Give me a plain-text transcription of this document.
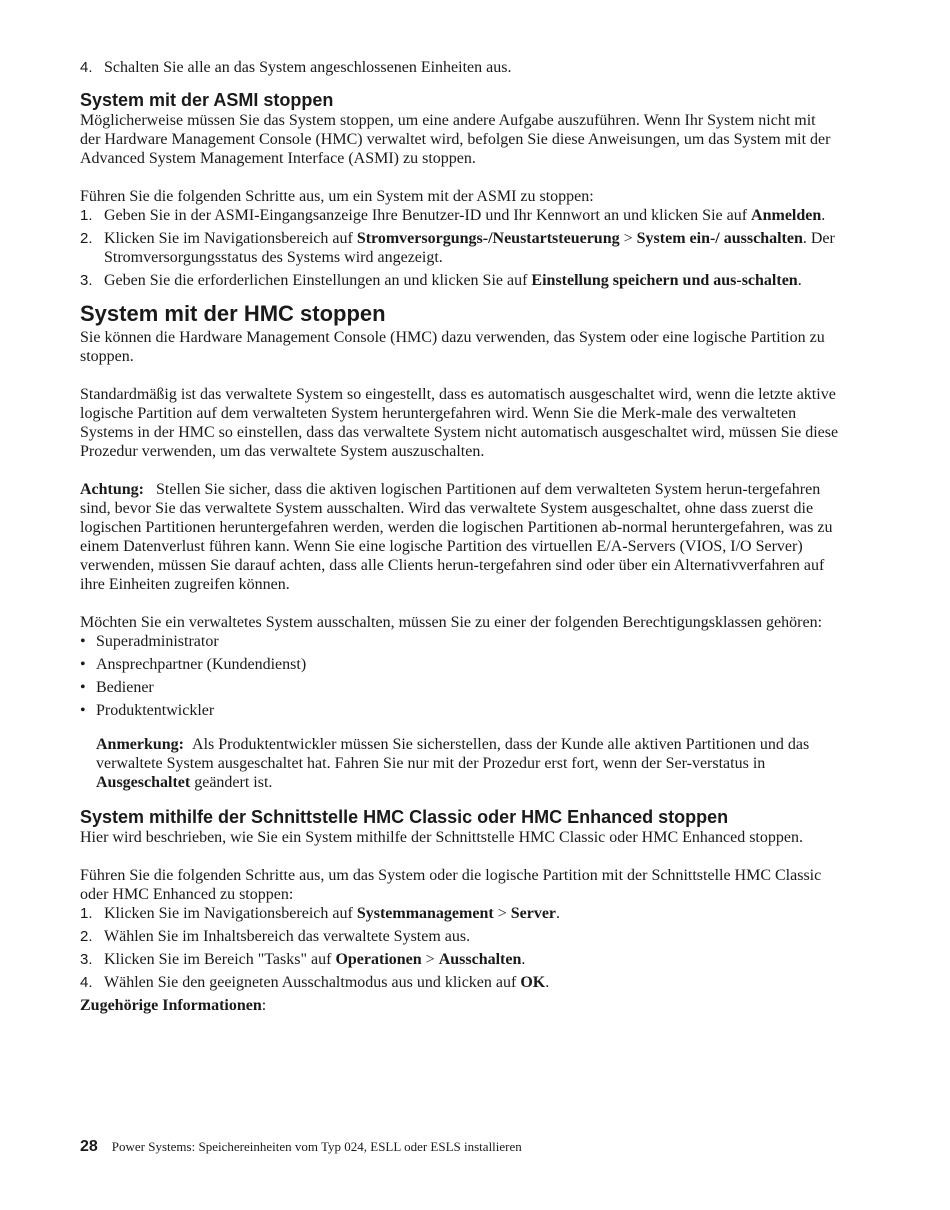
4. Schalten Sie alle an das System angeschlossenen Einheiten aus.
System mit der ASMI stoppen

Möglicherweise müssen Sie das System stoppen, um eine andere Aufgabe auszuführen. Wenn Ihr System nicht mit der Hardware Management Console (HMC) verwaltet wird, befolgen Sie diese Anweisungen, um das System mit der Advanced System Management Interface (ASMI) zu stoppen.

Führen Sie die folgenden Schritte aus, um ein System mit der ASMI zu stoppen:

1. Geben Sie in der ASMI-Eingangsanzeige Ihre Benutzer-ID und Ihr Kennwort an und klicken Sie auf Anmelden.
2. Klicken Sie im Navigationsbereich auf Stromversorgungs-/Neustartsteuerung > System ein-/ ausschalten. Der Stromversorgungsstatus des Systems wird angezeigt.
3. Geben Sie die erforderlichen Einstellungen an und klicken Sie auf Einstellung speichern und aus-schalten.
System mit der HMC stoppen

Sie können die Hardware Management Console (HMC) dazu verwenden, das System oder eine logische Partition zu stoppen.

Standardmäßig ist das verwaltete System so eingestellt, dass es automatisch ausgeschaltet wird, wenn die letzte aktive logische Partition auf dem verwalteten System heruntergefahren wird. Wenn Sie die Merk-male des verwalteten Systems in der HMC so einstellen, dass das verwaltete System nicht automatisch ausgeschaltet wird, müssen Sie diese Prozedur verwenden, um das verwaltete System auszuschalten.

Achtung: Stellen Sie sicher, dass die aktiven logischen Partitionen auf dem verwalteten System herun-tergefahren sind, bevor Sie das verwaltete System ausschalten. Wird das verwaltete System ausgeschaltet, ohne dass zuerst die logischen Partitionen heruntergefahren werden, werden die logischen Partitionen ab-normal heruntergefahren, was zu einem Datenverlust führen kann. Wenn Sie eine logische Partition des virtuellen E/A-Servers (VIOS, I/O Server) verwenden, müssen Sie darauf achten, dass alle Clients herun-tergefahren sind oder über ein Alternativverfahren auf ihre Einheiten zugreifen können.

Möchten Sie ein verwaltetes System ausschalten, müssen Sie zu einer der folgenden Berechtigungsklassen gehören:

• Superadministrator
• Ansprechpartner (Kundendienst)
• Bediener
• Produktentwickler

Anmerkung: Als Produktentwickler müssen Sie sicherstellen, dass der Kunde alle aktiven Partitionen und das verwaltete System ausgeschaltet hat. Fahren Sie nur mit der Prozedur erst fort, wenn der Ser-verstatus in Ausgeschaltet geändert ist.

System mithilfe der Schnittstelle HMC Classic oder HMC Enhanced stoppen

Hier wird beschrieben, wie Sie ein System mithilfe der Schnittstelle HMC Classic oder HMC Enhanced stoppen.

Führen Sie die folgenden Schritte aus, um das System oder die logische Partition mit der Schnittstelle HMC Classic oder HMC Enhanced zu stoppen:

1. Klicken Sie im Navigationsbereich auf Systemmanagement > Server.
2. Wählen Sie im Inhaltsbereich das verwaltete System aus.
3. Klicken Sie im Bereich "Tasks" auf Operationen > Ausschalten.
4. Wählen Sie den geeigneten Ausschaltmodus aus und klicken auf OK.

Zugehörige Informationen:

28 Power Systems: Speichereinheiten vom Typ 024, ESLL oder ESLS installieren
